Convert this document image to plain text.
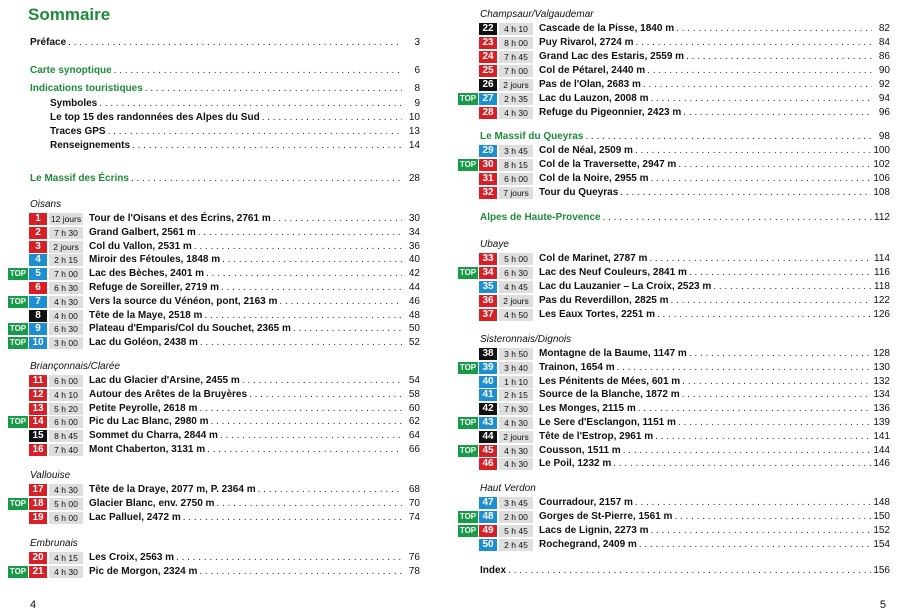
Sommaire
Préface . . .	3
Carte synoptique . . .	6
Indications touristiques . . .	8
Symboles . . .	9
Le top 15 des randonnées des Alpes du Sud . . .	10
Traces GPS . . .	13
Renseignements . . .	14
Le Massif des Écrins . . .	28
Oisans
1	12 jours Tour de l'Oisans et des Écrins, 2761 m . . .	30
2	7 h 30	Grand Galbert, 2561 m . . .	34
3	2 jours	Col du Vallon, 2531 m . . .	36
4	2 h 15	Miroir des Fétoules, 1848 m . . .	40
TOP 5	7 h 00	Lac des Bèches, 2401 m . . .	42
6	6 h 30	Refuge de Soreiller, 2719 m . . .	44
TOP 7	4 h 30	Vers la source du Vénéon, pont, 2163 m . . .	46
8	4 h 00	Tête de la Maye, 2518 m . . .	48
TOP 9	6 h 30	Plateau d'Emparis/Col du Souchet, 2365 m . . .	50
TOP 10	3 h 00	Lac du Goléon, 2438 m . . .	52
Briançonnais/Clarée
11	6 h 00	Lac du Glacier d'Arsine, 2455 m . . .	54
12	4 h 10	Autour des Arêtes de la Bruyères . . .	58
13	5 h 20	Petite Peyrolle, 2618 m . . .	60
TOP 14	6 h 00	Pic du Lac Blanc, 2980 m . . .	62
15	8 h 45	Sommet du Charra, 2844 m . . .	64
16	7 h 40	Mont Chaberton, 3131 m . . .	66
Vallouise
17	4 h 30	Tête de la Draye, 2077 m, P. 2364 m . . .	68
TOP 18	5 h 00	Glacier Blanc, env. 2750 m . . .	70
19	6 h 00	Lac Palluel, 2472 m . . .	74
Embrunais
20	4 h 15	Les Croix, 2563 m . . .	76
TOP 21	4 h 30	Pic de Morgon, 2324 m . . .	78
4
Champsaur/Valgaudemar
22	4 h 10	Cascade de la Pisse, 1840 m . . .	82
23	8 h 00	Puy Rivarol, 2724 m . . .	84
24	7 h 45	Grand Lac des Estaris, 2559 m . . .	86
25	7 h 00	Col de Pétarel, 2440 m . . .	90
26	2 jours	Pas de l'Olan, 2683 m . . .	92
TOP 27	2 h 35	Lac du Lauzon, 2008 m . . .	94
28	4 h 30	Refuge du Pigeonnier, 2423 m . . .	96
Le Massif du Queyras . . .	98
29	3 h 45	Col de Néal, 2509 m . . .	100
TOP 30	8 h 15	Col de la Traversette, 2947 m . . .	102
31	6 h 00	Col de la Noire, 2955 m . . .	106
32	7 jours	Tour du Queyras . . .	108
Alpes de Haute-Provence . . .	112
Ubaye
33	5 h 00	Col de Marinet, 2787 m . . .	114
TOP 34	6 h 30	Lac des Neuf Couleurs, 2841 m . . .	116
35	4 h 45	Lac du Lauzanier – La Croix, 2523 m . . .	118
36	2 jours	Pas du Reverdillon, 2825 m . . .	122
37	4 h 50	Les Eaux Tortes, 2251 m . . .	126
Sisteronnais/Dignois
38	3 h 50	Montagne de la Baume, 1147 m . . .	128
TOP 39	3 h 40	Trainon, 1654 m . . .	130
40	1 h 10	Les Pénitents de Mées, 601 m . . .	132
41	2 h 15	Source de la Blanche, 1872 m . . .	134
42	7 h 30	Les Monges, 2115 m . . .	136
TOP 43	4 h 30	Le Sere d'Esclangon, 1151 m . . .	139
44	2 jours	Tête de l'Estrop, 2961 m . . .	141
TOP 45	4 h 30	Cousson, 1511 m . . .	144
46	4 h 30	Le Poil, 1232 m . . .	146
Haut Verdon
47	3 h 45	Courradour, 2157 m . . .	148
TOP 48	2 h 00	Gorges de St-Pierre, 1561 m . . .	150
TOP 49	5 h 45	Lacs de Lignin, 2273 m . . .	152
50	2 h 45	Rochegrand, 2409 m . . .	154
Index . . .	156
5
